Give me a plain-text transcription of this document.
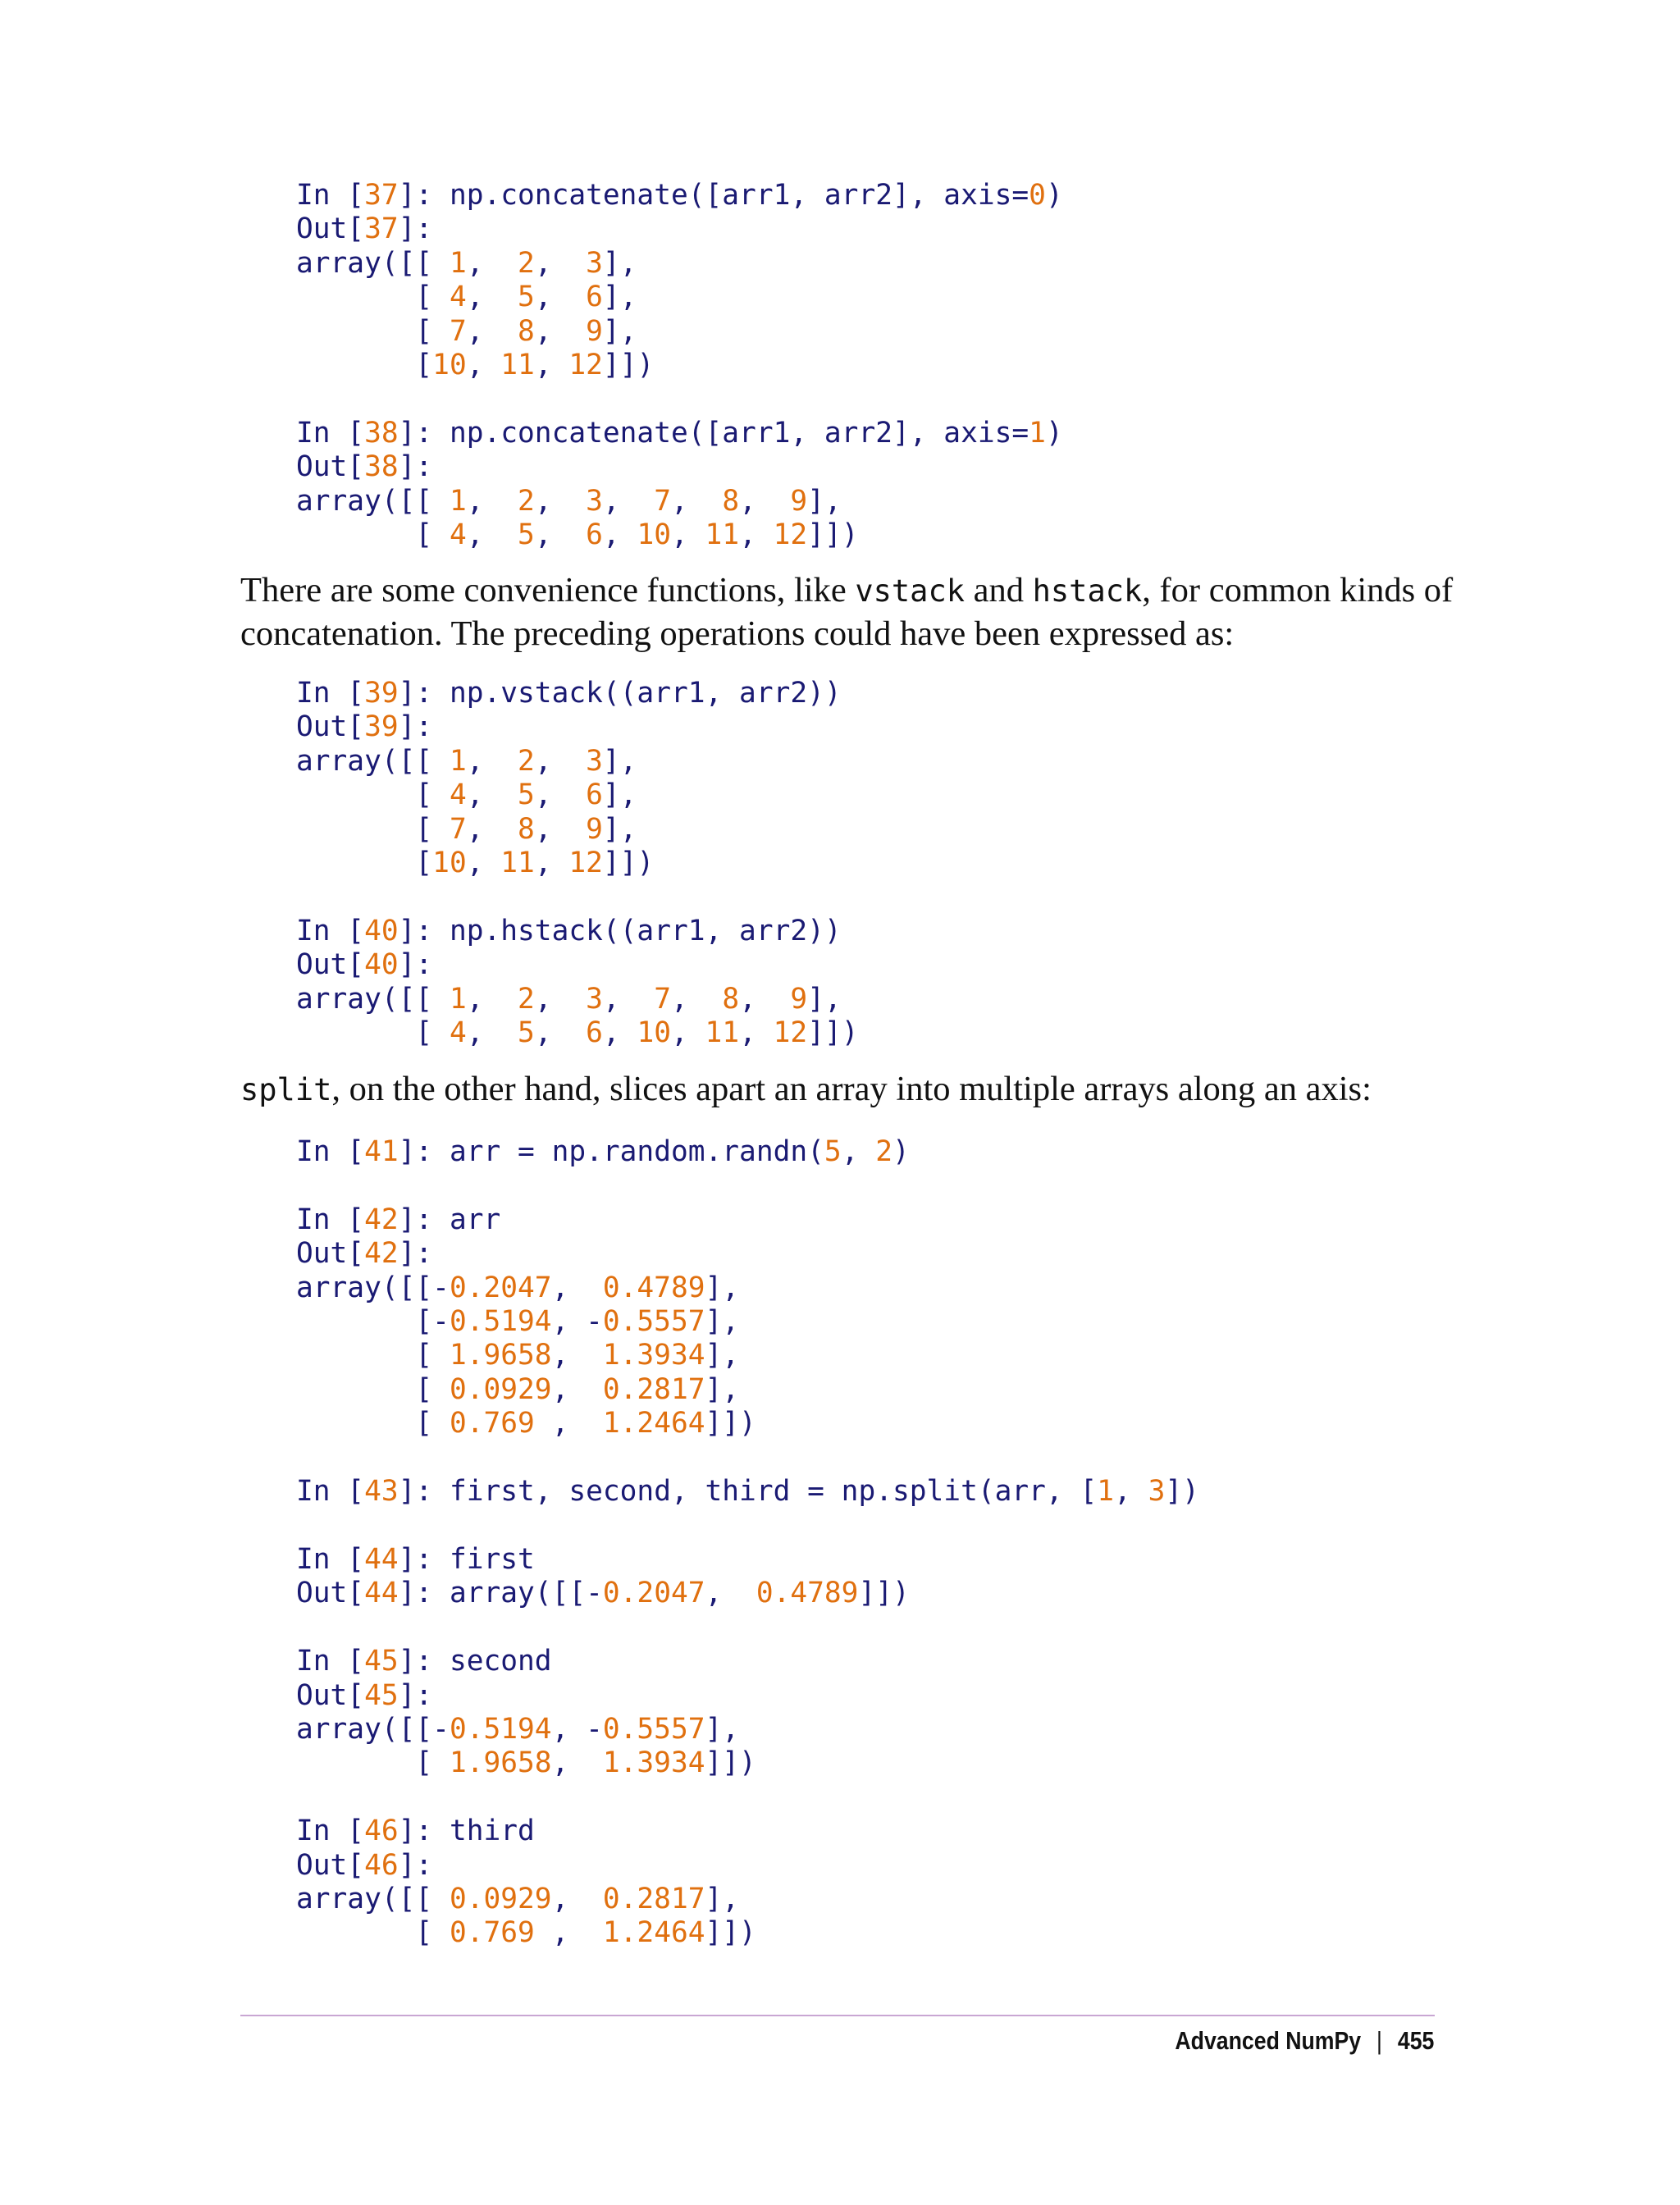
In [37]: np.concatenate([arr1, arr2], axis=0)
Out[37]:
array([[ 1,  2,  3],
[ 4,  5,  6],
[ 7,  8,  9],
[10, 11, 12]])

In [38]: np.concatenate([arr1, arr2], axis=1)
Out[38]:
array([[ 1,  2,  3,  7,  8,  9],
[ 4,  5,  6, 10, 11, 12]])

There are some convenience functions, like vstack and hstack, for common kinds of concatenation. The preceding operations could have been expressed as:

In [39]: np.vstack((arr1, arr2))
Out[39]:
array([[ 1,  2,  3],
[ 4,  5,  6],
[ 7,  8,  9],
[10, 11, 12]])

In [40]: np.hstack((arr1, arr2))
Out[40]:
array([[ 1,  2,  3,  7,  8,  9],
[ 4,  5,  6, 10, 11, 12]])

split, on the other hand, slices apart an array into multiple arrays along an axis:

In [41]: arr = np.random.randn(5, 2)

In [42]: arr
Out[42]:
array([[-0.2047,  0.4789],
[-0.5194, -0.5557],
[ 1.9658,  1.3934],
[ 0.0929,  0.2817],
[ 0.769 ,  1.2464]])

In [43]: first, second, third = np.split(arr, [1, 3])

In [44]: first
Out[44]: array([[-0.2047,  0.4789]])

In [45]: second
Out[45]:
array([[-0.5194, -0.5557],
[ 1.9658,  1.3934]])

In [46]: third
Out[46]:
array([[ 0.0929,  0.2817],
[ 0.769 ,  1.2464]])
Advanced NumPy | 455
